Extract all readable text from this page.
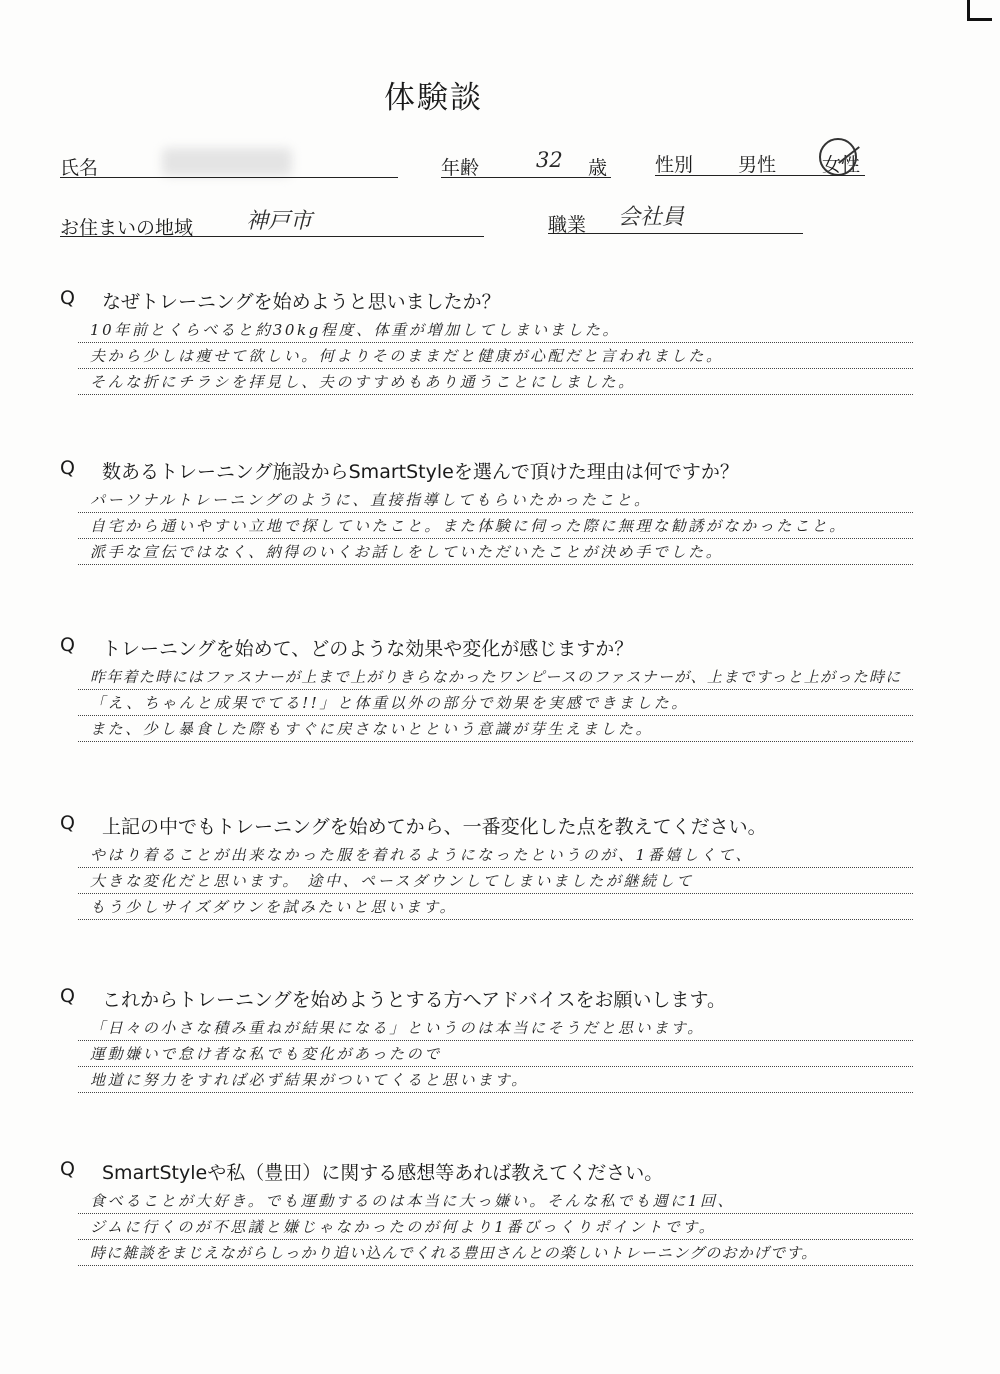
体験談
氏名	年齢	32 歳	性別 男性 女性
お住まいの地域 神戸市	職業 会社員
Q なぜトレーニングを始めようと思いましたか？
10年前とくらべると約30kg程度、体重が増加してしまいました。
夫から少しは痩せて欲しい。何よりそのままだと健康が心配だと言われました。
そんな折にチラシを拝見し、夫のすすめもあり通うことにしました。
Q 数あるトレーニング施設からSmartStyleを選んで頂けた理由は何ですか？
パーソナルトレーニングのように、直接指導してもらいたかったこと。
自宅から通いやすい立地で探していたこと。また体験に伺った際に無理な勧誘がなかったこと。
派手な宣伝ではなく、納得のいくお話しをしていただいたことが決め手でした。
Q トレーニングを始めて、どのような効果や変化が感じますか？
昨年着た時にはファスナーが上まで上がりきらなかったワンピースのファスナーが、上まですっと上がった時に
「え、ちゃんと成果でてる!!」と体重以外の部分で効果を実感できました。
また、少し暴食した際もすぐに戻さないとという意識が芽生えました。
Q 上記の中でもトレーニングを始めてから、一番変化した点を教えてください。
やはり着ることが出来なかった服を着れるようになったというのが、1番嬉しくて、
大きな変化だと思います。 途中、ペースダウンしてしまいましたが継続して
もう少しサイズダウンを試みたいと思います。
Q これからトレーニングを始めようとする方へアドバイスをお願いします。
「日々の小さな積み重ねが結果になる」というのは本当にそうだと思います。
運動嫌いで怠け者な私でも変化があったので
地道に努力をすれば必ず結果がついてくると思います。
Q SmartStyleや私（豊田）に関する感想等あれば教えてください。
食べることが大好き。でも運動するのは本当に大っ嫌い。そんな私でも週に1回、
ジムに行くのが不思議と嫌じゃなかったのが何より1番びっくりポイントです。
時に雑談をまじえながらしっかり追い込んでくれる豊田さんとの楽しいトレーニングのおかげです。
